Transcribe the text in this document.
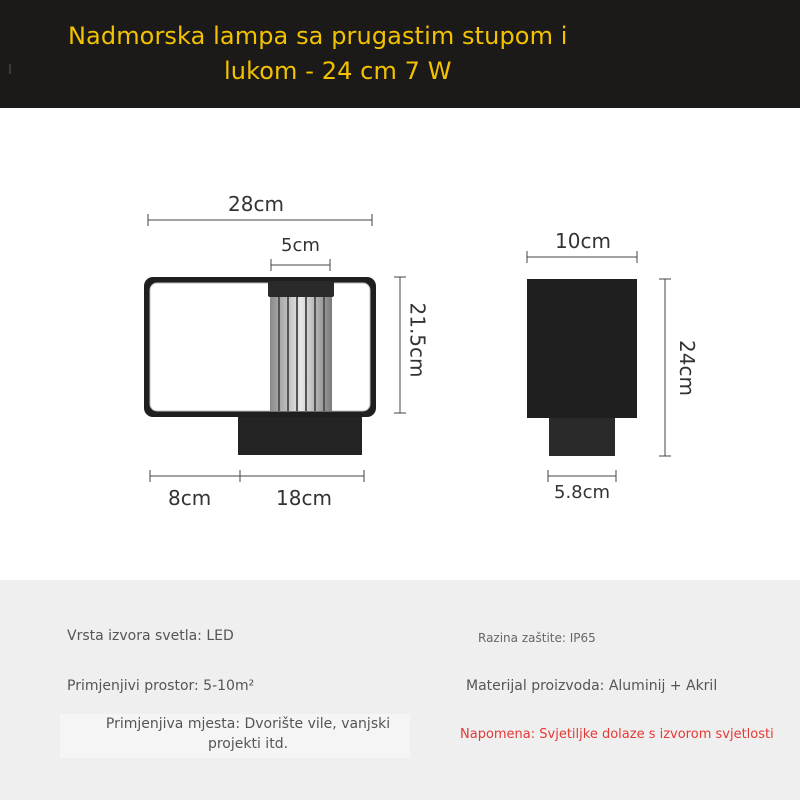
Nadmorska lampa sa prugastim stupom i
lukom - 24 cm 7 W
28cm
5cm
21.5cm
8cm	18cm
10cm
24cm
5.8cm
Vrsta izvora svetla: LED	Razina zaštite: IP65
Primjenjivi prostor: 5-10m²	Materijal proizvoda: Aluminij + Akril
Primjenjiva mjesta: Dvorište vile, vanjski projekti itd.
Napomena: Svjetiljke dolaze s izvorom svjetlosti
